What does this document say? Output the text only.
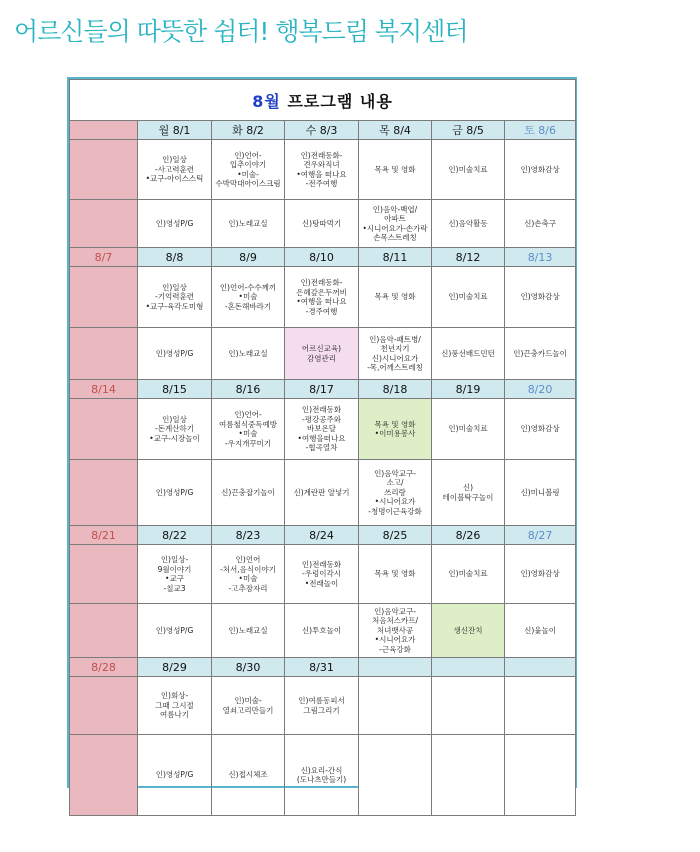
어르신들의 따뜻한 쉼터! 행복드림 복지센터
8월 프로그램 내용						
	월 8/1	화 8/2	수 8/3	목 8/4	금 8/5	토 8/6

	인)일상
-사고력훈련
•교구-아이스스틱	인)언어-
입추이야기
•미술-
수박막대아이스크림	인)전래동화-
견우와직녀
•여행을 떠나요
-전주여행	목욕 및 영화	인)미술치료	인)영화감상

	인)영성P/G	인)노래교실	신)탕따먹기	인)음악-백엽/
아파트
•시니어요가-손가락
손목스트레칭	신)음악활동	신)손축구

8/7	8/8	8/9	8/10	8/11	8/12	8/13

	인)일상
-기억력훈련
•교구-육각도미형	인)언어-수수께끼
•미술
-혼돈해바라기	인)전래동화-
은혜갚은두꺼비
•여행을 떠나요
-경주여행	목욕 및 영화	인)미술치료	인)영화감상

	인)영성P/G	인)노래교실	어르신교육)
감염관리	인)음악-패트병/
천년지기
신)시니어요가
-목,어깨스트레칭	신)풍선배드민턴	인)끈충카드놀이

8/14	8/15	8/16	8/17	8/18	8/19	8/20

	인)일상
-돈계산하기
•교구-시장놀이	인)언어-
여름철식중독예방
•미술
-우지개꾸미기	인)전래동화
-평강공주와
바보온달
•여행을떠나요
-협곡열차	목욕 및 영화
•이미용봉사	인)미술치료	인)영화감상

	인)영성P/G	신)끈충잡기놀이	신)계란판 알넣기	인)음악교구-
소고/
쓰리랑
•시니어요가
-청명이근육강화	신)
테이블탁구놀이	신)미니볼링

8/21	8/22	8/23	8/24	8/25	8/26	8/27

	인)일상-
9월이야기
•교구
-칠교3	인)언어
-처서,음식이야기
•미술
-고추잠자리	인)전래동화
-우렁이각시
•전래놀이	목욕 및 영화	인)미술치료	인)영화감상

	인)영성P/G	인)노래교실	신)투호놀이	인)음악교구-
처음처스카프/
처녀뱃사공
•시니어요가
-근육강화	생신잔치	신)윷놀이

8/28	8/29	8/30	8/31			

	인)회상-
그때 그시절
여름나기	인)미술-
열쇠고리만들기	인)여름동피서
그림그리기			

	인)영성P/G	신)접시체조	신)요리-간식
(도나츠만들기)			
